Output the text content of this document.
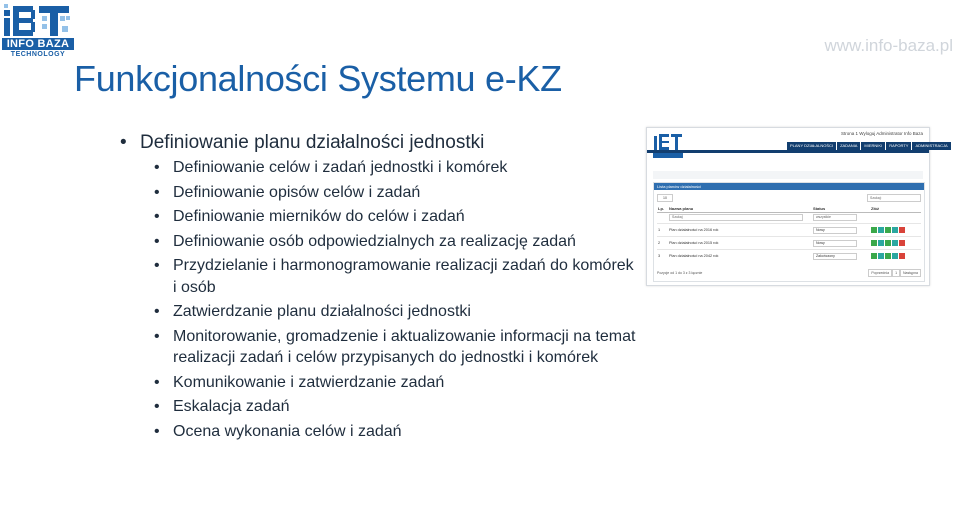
INFO BAZA
TECHNOLOGY	www.info-baza.pl
Funkcjonalności Systemu e-KZ
• Definiowanie planu działalności jednostki
• Definiowanie celów i zadań jednostki i komórek
• Definiowanie opisów celów i zadań
• Definiowanie mierników do celów i zadań
• Definiowanie osób odpowiedzialnych za realizację zadań
• Przydzielanie i harmonogramowanie realizacji zadań do komórek i osób
• Zatwierdzanie planu działalności jednostki
• Monitorowanie, gromadzenie i aktualizowanie informacji na temat realizacji zadań i celów przypisanych do jednostki i komórek
• Komunikowanie i zatwierdzanie zadań
• Eskalacja zadań
• Ocena wykonania celów i zadań
Strona 1 Wyloguj Administrator Info Baza
PLANY DZIAŁALNOŚCI	ZADANIA	MIERNIKI	RAPORTY	ADMINISTRACJA
Lista planów działalności
10	Szukaj:
Lp. Nazwa planu	Status	Złóż
Szukaj	wszystkie
1 Plan działalności na 2016 rok	Nowy
2 Plan działalności na 2015 rok	Nowy
3 Plan działalności na 2042 rok	Zakończony
Pozycje od 1 do 3 z 3 łącznie	Poprzednia	1	Następna
